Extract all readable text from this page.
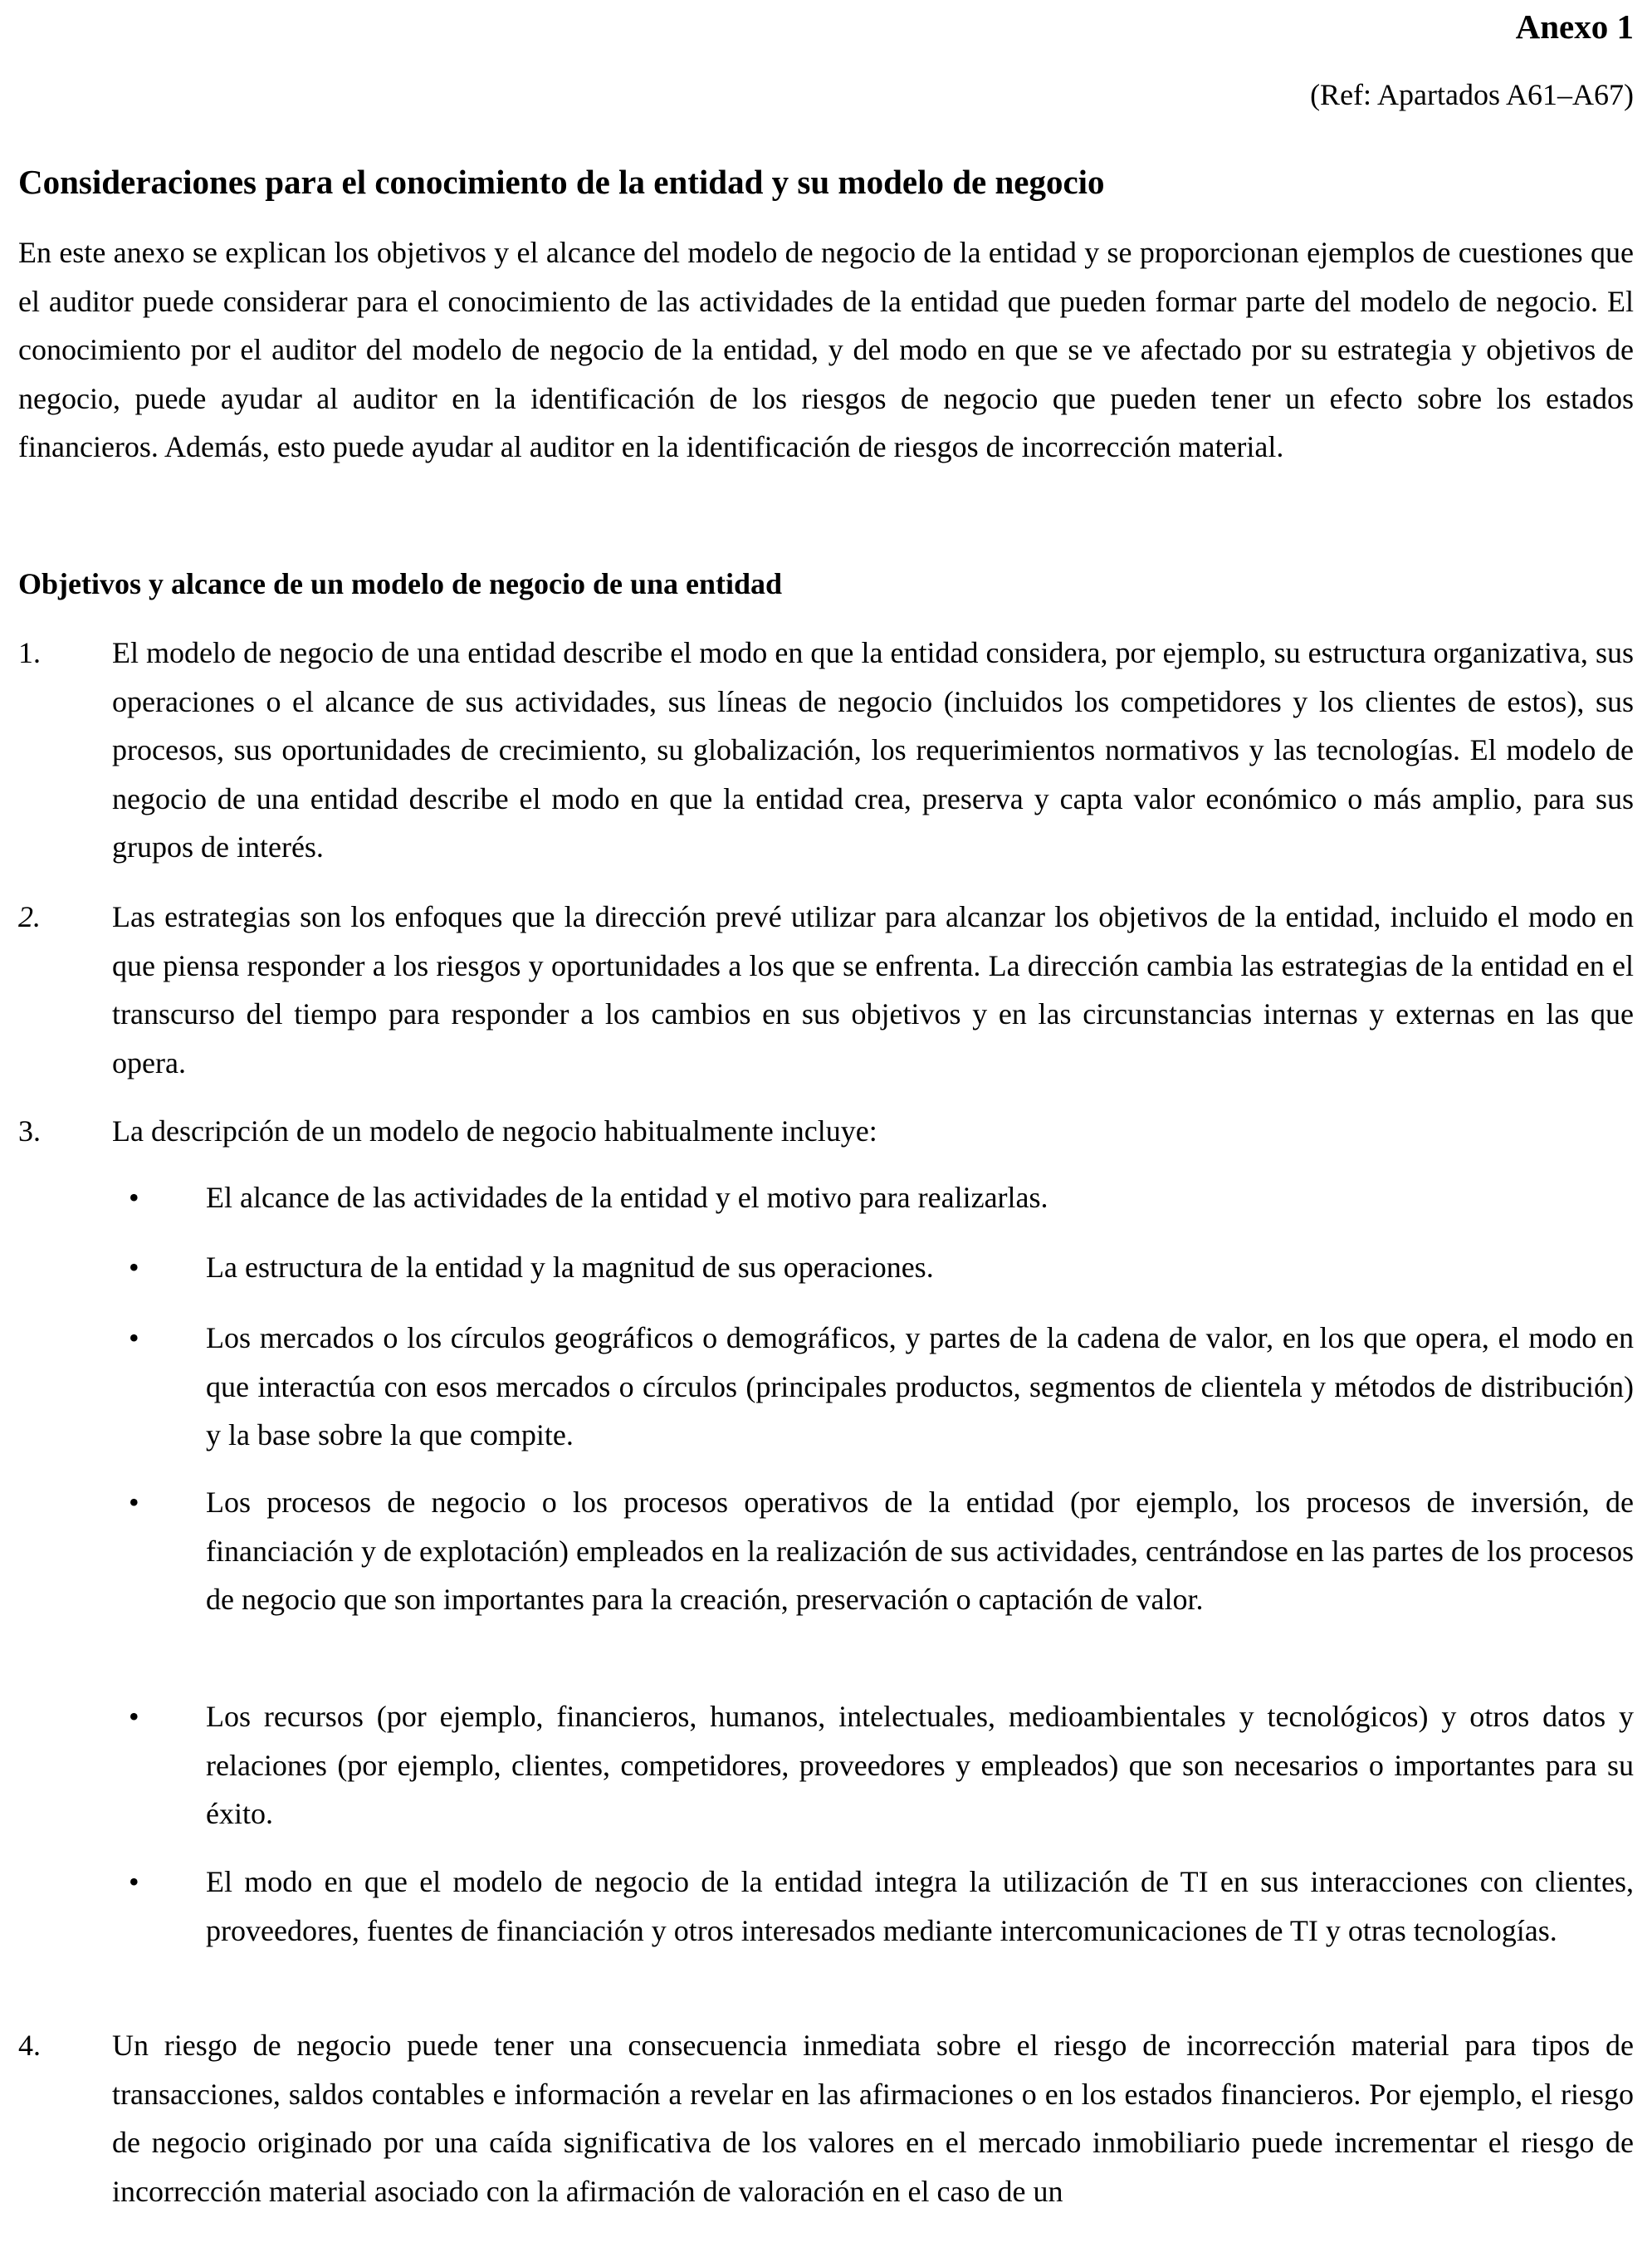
Anexo 1
(Ref: Apartados A61–A67)
Consideraciones para el conocimiento de la entidad y su modelo de negocio

En este anexo se explican los objetivos y el alcance del modelo de negocio de la entidad y se proporcionan ejemplos de cuestiones que el auditor puede considerar para el conocimiento de las actividades de la entidad que pueden formar parte del modelo de negocio. El conocimiento por el auditor del modelo de negocio de la entidad, y del modo en que se ve afectado por su estrategia y objetivos de negocio, puede ayudar al auditor en la identificación de los riesgos de negocio que pueden tener un efecto sobre los estados financieros. Además, esto puede ayudar al auditor en la identificación de riesgos de incorrección material.

Objetivos y alcance de un modelo de negocio de una entidad
1. El modelo de negocio de una entidad describe el modo en que la entidad considera, por ejemplo, su estructura organizativa, sus operaciones o el alcance de sus actividades, sus líneas de negocio (incluidos los competidores y los clientes de estos), sus procesos, sus oportunidades de crecimiento, su globalización, los requerimientos normativos y las tecnologías. El modelo de negocio de una entidad describe el modo en que la entidad crea, preserva y capta valor económico o más amplio, para sus grupos de interés.
2. Las estrategias son los enfoques que la dirección prevé utilizar para alcanzar los objetivos de la entidad, incluido el modo en que piensa responder a los riesgos y oportunidades a los que se enfrenta. La dirección cambia las estrategias de la entidad en el transcurso del tiempo para responder a los cambios en sus objetivos y en las circunstancias internas y externas en las que opera.
3. La descripción de un modelo de negocio habitualmente incluye:
• El alcance de las actividades de la entidad y el motivo para realizarlas.
• La estructura de la entidad y la magnitud de sus operaciones.
• Los mercados o los círculos geográficos o demográficos, y partes de la cadena de valor, en los que opera, el modo en que interactúa con esos mercados o círculos (principales productos, segmentos de clientela y métodos de distribución) y la base sobre la que compite.
• Los procesos de negocio o los procesos operativos de la entidad (por ejemplo, los procesos de inversión, de financiación y de explotación) empleados en la realización de sus actividades, centrándose en las partes de los procesos de negocio que son importantes para la creación, preservación o captación de valor.
• Los recursos (por ejemplo, financieros, humanos, intelectuales, medioambientales y tecnológicos) y otros datos y relaciones (por ejemplo, clientes, competidores, proveedores y empleados) que son necesarios o importantes para su éxito.
• El modo en que el modelo de negocio de la entidad integra la utilización de TI en sus interacciones con clientes, proveedores, fuentes de financiación y otros interesados mediante intercomunicaciones de TI y otras tecnologías.
4. Un riesgo de negocio puede tener una consecuencia inmediata sobre el riesgo de incorrección material para tipos de transacciones, saldos contables e información a revelar en las afirmaciones o en los estados financieros. Por ejemplo, el riesgo de negocio originado por una caída significativa de los valores en el mercado inmobiliario puede incrementar el riesgo de incorrección material asociado con la afirmación de valoración en el caso de un
